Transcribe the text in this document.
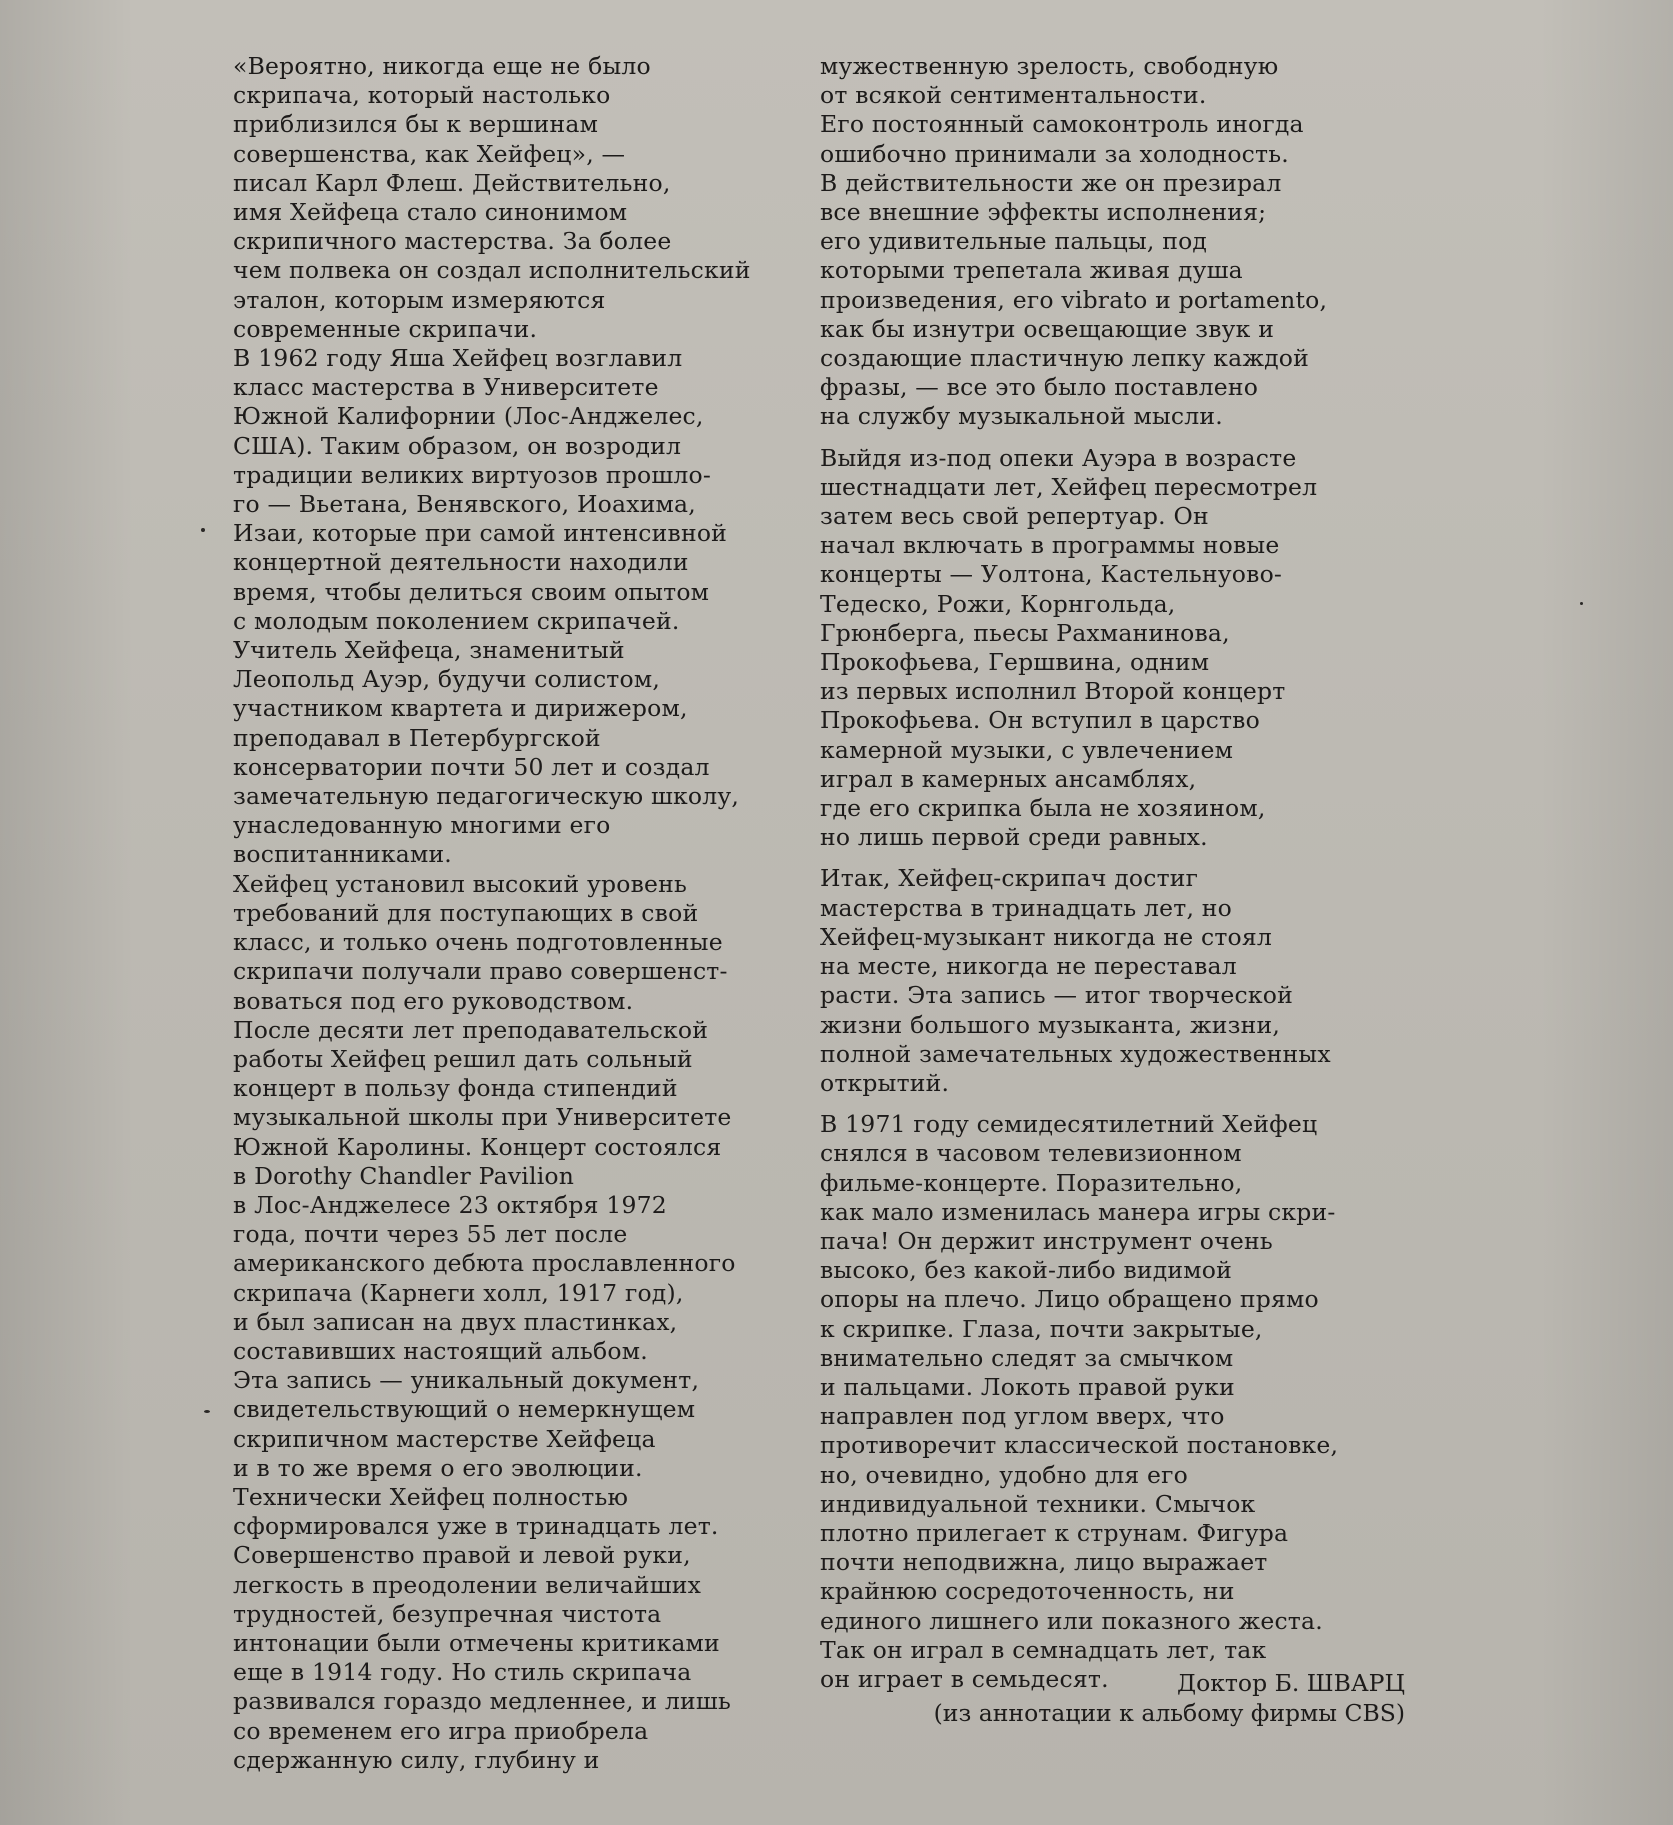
«Вероятно, никогда еще не было
скрипача, который настолько
приблизился бы к вершинам
совершенства, как Хейфец», —
писал Карл Флеш. Действительно,
имя Хейфеца стало синонимом
скрипичного мастерства. За более
чем полвека он создал исполнительский
эталон, которым измеряются
современные скрипачи.
В 1962 году Яша Хейфец возглавил
класс мастерства в Университете
Южной Калифорнии (Лос-Анджелес,
США). Таким образом, он возродил
традиции великих виртуозов прошло-
го — Вьетана, Венявского, Иоахима,
Изаи, которые при самой интенсивной
концертной деятельности находили
время, чтобы делиться своим опытом
с молодым поколением скрипачей.
Учитель Хейфеца, знаменитый
Леопольд Ауэр, будучи солистом,
участником квартета и дирижером,
преподавал в Петербургской
консерватории почти 50 лет и создал
замечательную педагогическую школу,
унаследованную многими его
воспитанниками.
Хейфец установил высокий уровень
требований для поступающих в свой
класс, и только очень подготовленные
скрипачи получали право совершенст-
воваться под его руководством.
После десяти лет преподавательской
работы Хейфец решил дать сольный
концерт в пользу фонда стипендий
музыкальной школы при Университете
Южной Каролины. Концерт состоялся
в Dorothy Chandler Pavilion
в Лос-Анджелесе 23 октября 1972
года, почти через 55 лет после
американского дебюта прославленного
скрипача (Карнеги холл, 1917 год),
и был записан на двух пластинках,
составивших настоящий альбом.
Эта запись — уникальный документ,
свидетельствующий о немеркнущем
скрипичном мастерстве Хейфеца
и в то же время о его эволюции.
Технически Хейфец полностью
сформировался уже в тринадцать лет.
Совершенство правой и левой руки,
легкость в преодолении величайших
трудностей, безупречная чистота
интонации были отмечены критиками
еще в 1914 году. Но стиль скрипача
развивался гораздо медленнее, и лишь
со временем его игра приобрела
сдержанную силу, глубину и
мужественную зрелость, свободную
от всякой сентиментальности.
Его постоянный самоконтроль иногда
ошибочно принимали за холодность.
В действительности же он презирал
все внешние эффекты исполнения;
его удивительные пальцы, под
которыми трепетала живая душа
произведения, его vibrato и portamento,
как бы изнутри освещающие звук и
создающие пластичную лепку каждой
фразы, — все это было поставлено
на службу музыкальной мысли.
Выйдя из-под опеки Ауэра в возрасте
шестнадцати лет, Хейфец пересмотрел
затем весь свой репертуар. Он
начал включать в программы новые
концерты — Уолтона, Кастельнуово-
Тедеско, Рожи, Корнгольда,
Грюнберга, пьесы Рахманинова,
Прокофьева, Гершвина, одним
из первых исполнил Второй концерт
Прокофьева. Он вступил в царство
камерной музыки, с увлечением
играл в камерных ансамблях,
где его скрипка была не хозяином,
но лишь первой среди равных.
Итак, Хейфец-скрипач достиг
мастерства в тринадцать лет, но
Хейфец-музыкант никогда не стоял
на месте, никогда не переставал
расти. Эта запись — итог творческой
жизни большого музыканта, жизни,
полной замечательных художественных
открытий.
В 1971 году семидесятилетний Хейфец
снялся в часовом телевизионном
фильме-концерте. Поразительно,
как мало изменилась манера игры скри-
пача! Он держит инструмент очень
высоко, без какой-либо видимой
опоры на плечо. Лицо обращено прямо
к скрипке. Глаза, почти закрытые,
внимательно следят за смычком
и пальцами. Локоть правой руки
направлен под углом вверх, что
противоречит классической постановке,
но, очевидно, удобно для его
индивидуальной техники. Смычок
плотно прилегает к струнам. Фигура
почти неподвижна, лицо выражает
крайнюю сосредоточенность, ни
единого лишнего или показного жеста.
Так он играл в семнадцать лет, так
он играет в семьдесят.	Доктор Б. ШВАРЦ
(из аннотации к альбому фирмы CBS)
